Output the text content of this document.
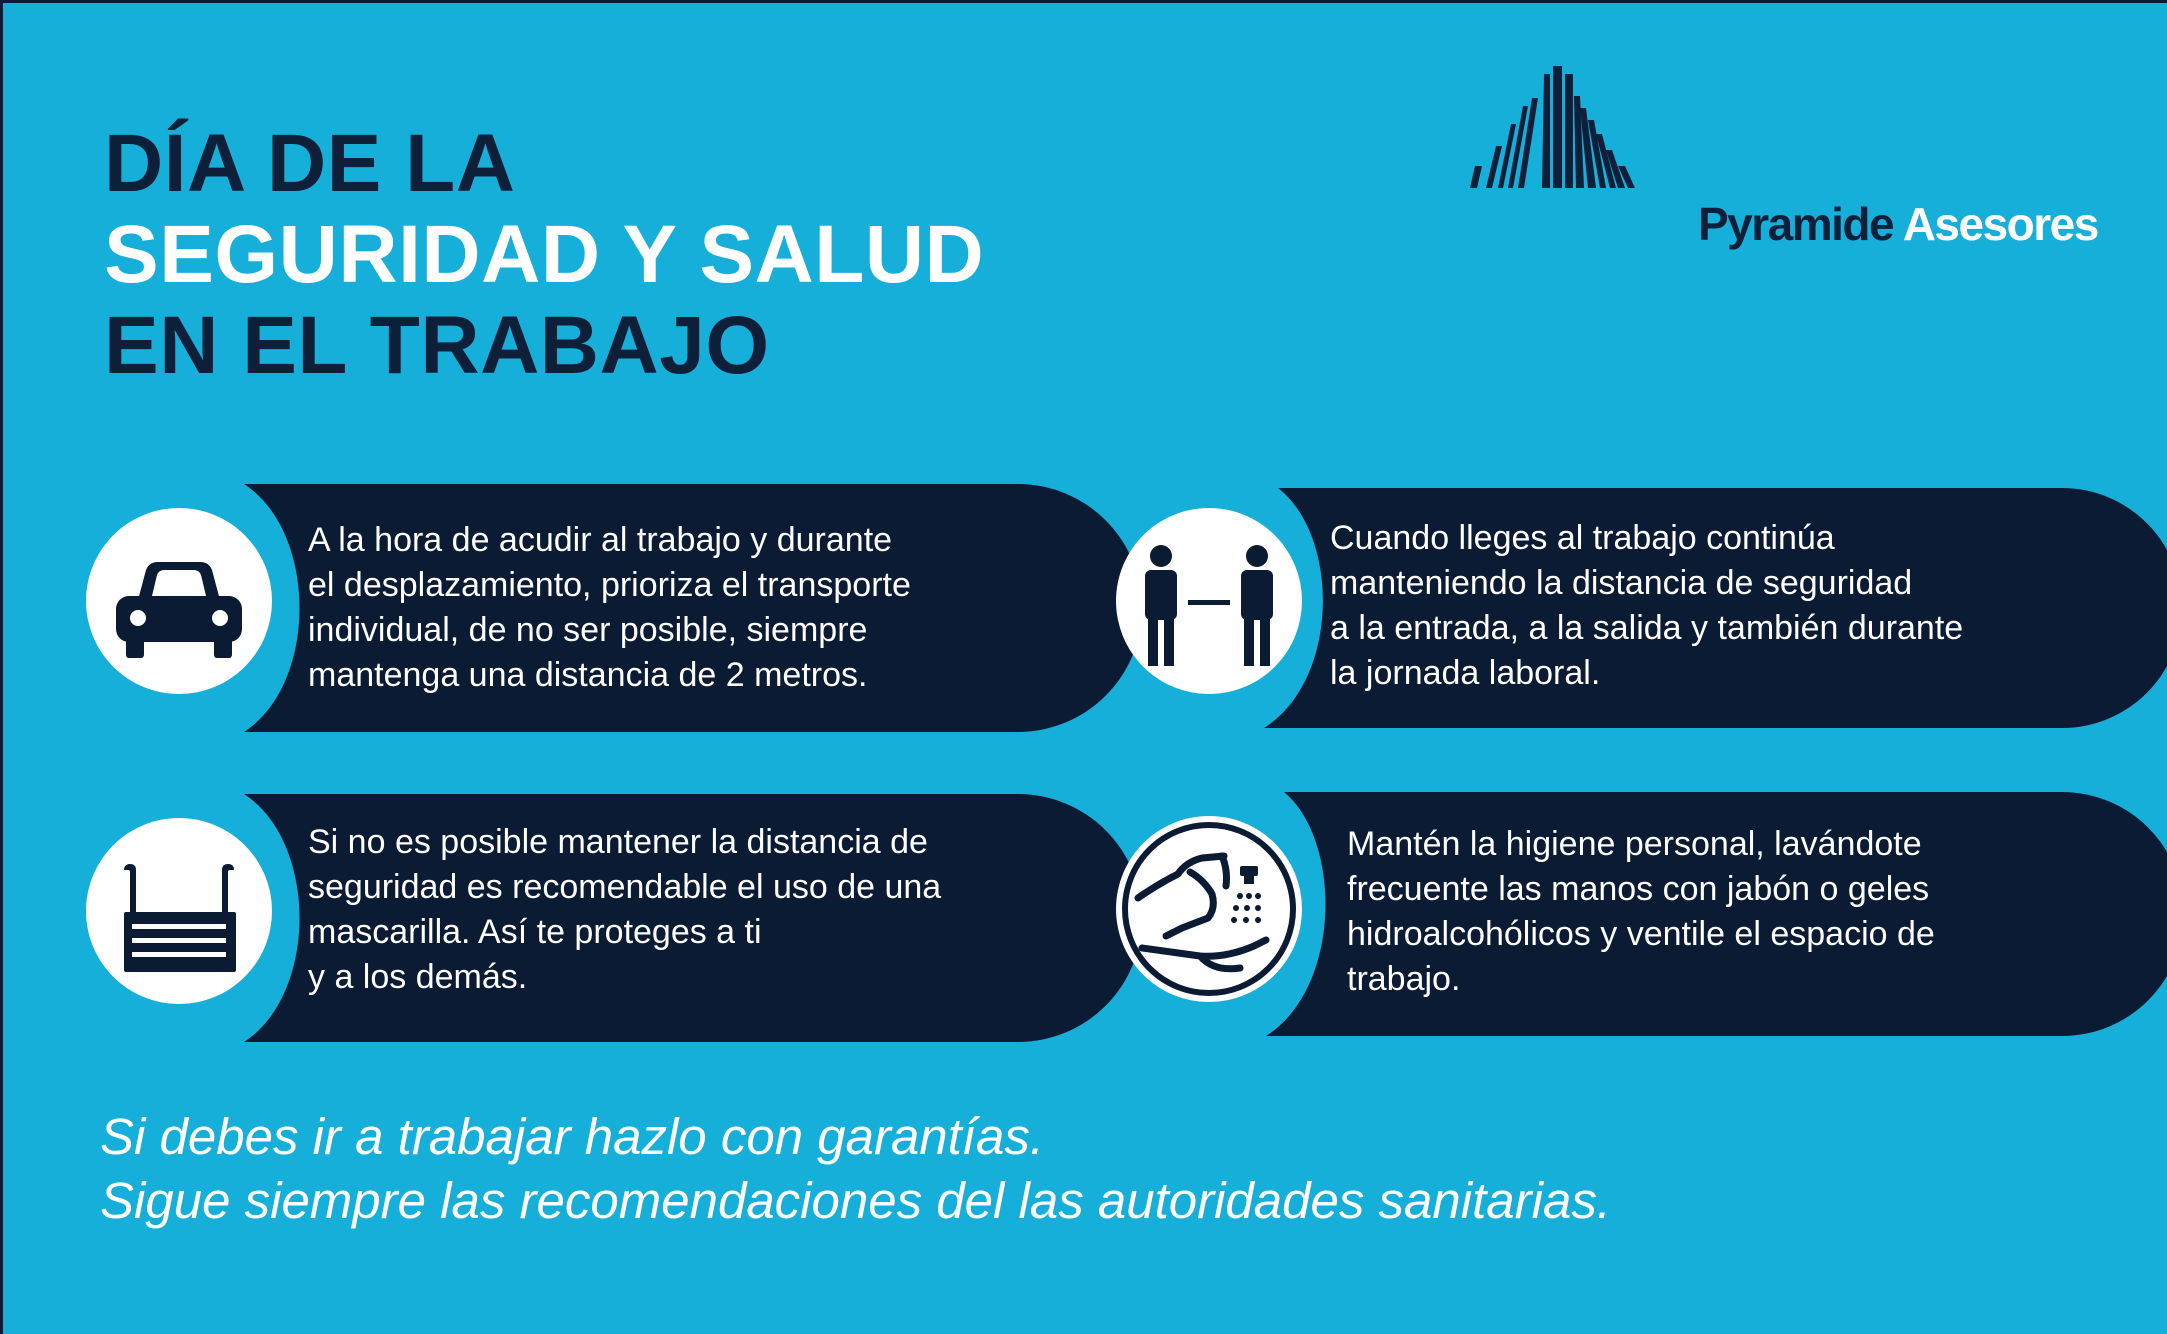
DÍA DE LA
SEGURIDAD Y SALUD
EN EL TRABAJO
Pyramide Asesores
A la hora de acudir al trabajo y durante
el desplazamiento, prioriza el transporte
individual, de no ser posible, siempre
mantenga una distancia de 2 metros.
Cuando lleges al trabajo continúa
manteniendo la distancia de seguridad
a la entrada, a la salida y también durante
la jornada laboral.
Si no es posible mantener la distancia de
seguridad es recomendable el uso de una
mascarilla. Así te proteges a ti
y a los demás.
Mantén la higiene personal, lavándote
frecuente las manos con jabón o geles
hidroalcohólicos y ventile el espacio de
trabajo.
Si debes ir a trabajar hazlo con garantías.
Sigue siempre las recomendaciones del las autoridades sanitarias.
